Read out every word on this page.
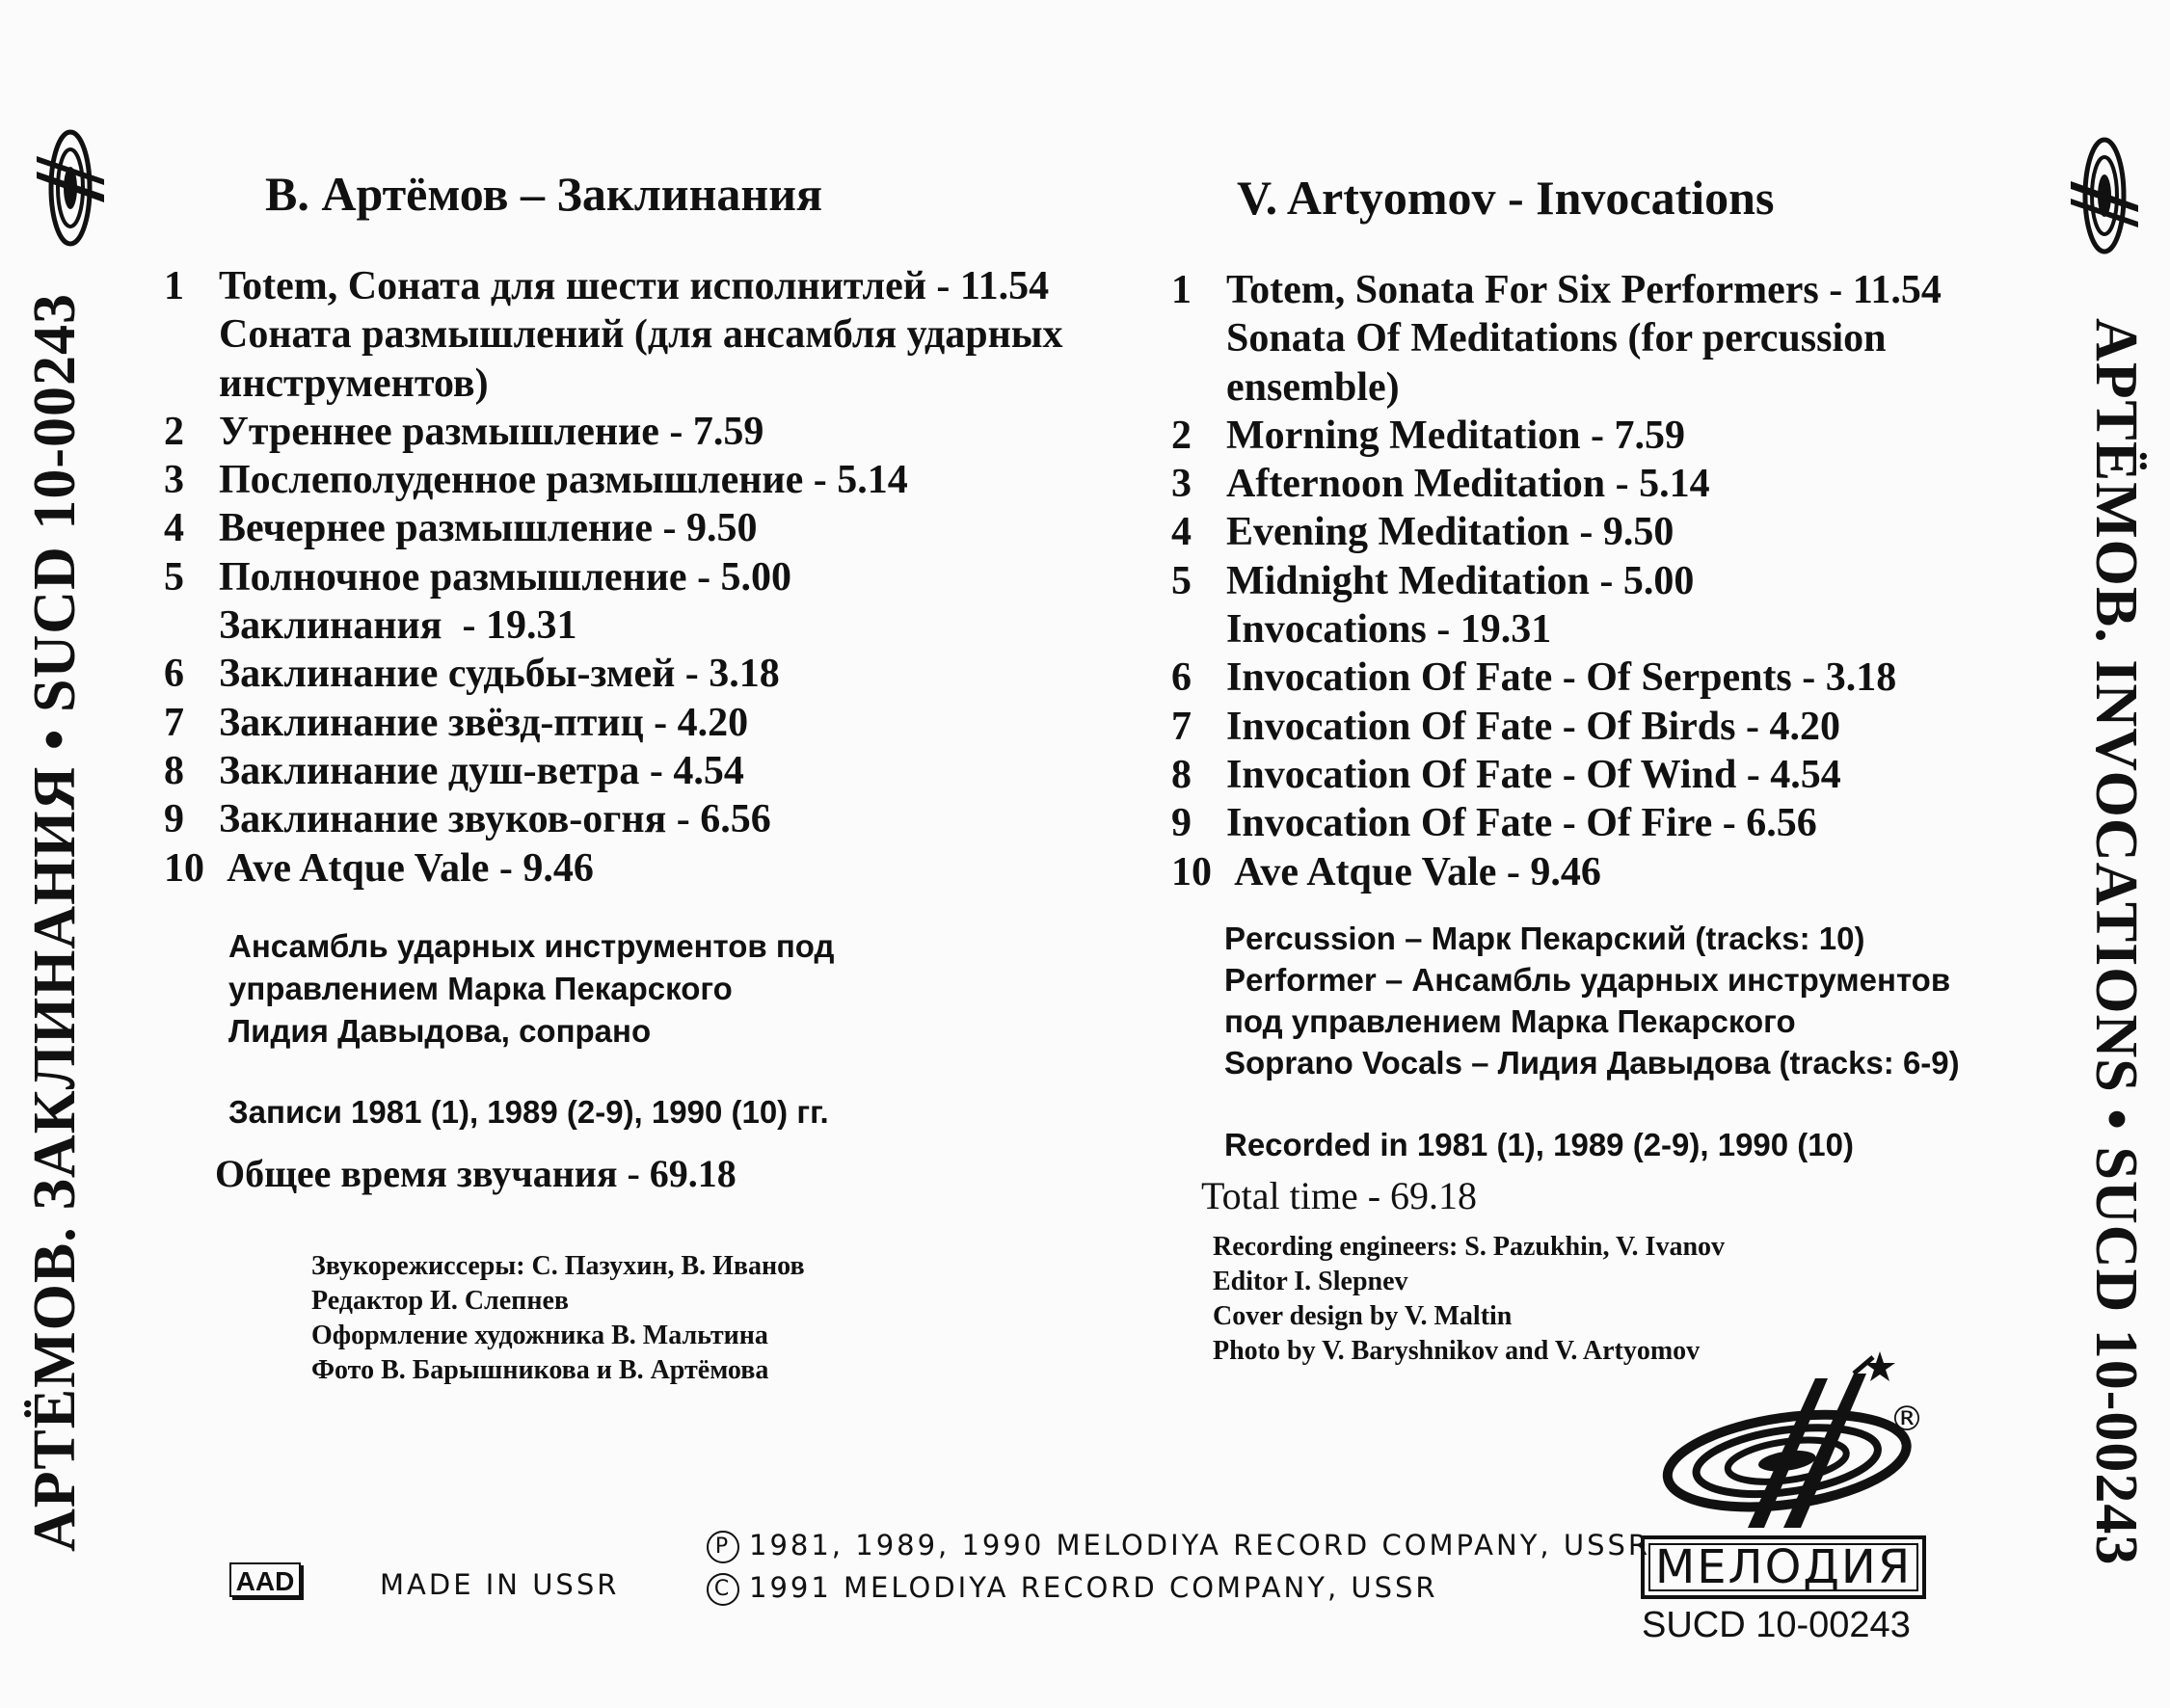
АРТЁМОВ. ЗАКЛИНАНИЯ • SUCD 10-00243	АРТЁМОВ. INVOCATIONS • SUCD 10-00243
В. Артёмов – Заклинания
1 Totem, Соната для шести исполнитлей - 11.54
Соната размышлений (для ансамбля ударных
инструментов)
2 Утреннее размышление - 7.59
3 Послеполуденное размышление - 5.14
4 Вечернее размышление - 9.50
5 Полночное размышление - 5.00
Заклинания  - 19.31
6 Заклинание судьбы-змей - 3.18
7 Заклинание звёзд-птиц - 4.20
8 Заклинание душ-ветра - 4.54
9 Заклинание звуков-огня - 6.56
10 Ave Atque Vale - 9.46
Ансамбль ударных инструментов под
управлением Марка Пекарского
Лидия Давыдова, сопрано
Записи 1981 (1), 1989 (2-9), 1990 (10) гг.
Общее время звучания - 69.18
Звукорежиссеры: С. Пазухин, В. Иванов
Редактор И. Слепнев
Оформление художника В. Мальтина
Фото В. Барышникова и В. Артёмова
V. Artyomov - Invocations
1 Totem, Sonata For Six Performers - 11.54
Sonata Of Meditations (for percussion
ensemble)
2 Morning Meditation - 7.59
3 Afternoon Meditation - 5.14
4 Evening Meditation - 9.50
5 Midnight Meditation - 5.00
Invocations - 19.31
6 Invocation Of Fate - Of Serpents - 3.18
7 Invocation Of Fate - Of Birds - 4.20
8 Invocation Of Fate - Of Wind - 4.54
9 Invocation Of Fate - Of Fire - 6.56
10 Ave Atque Vale - 9.46
Percussion – Марк Пекарский (tracks: 10)
Performer – Ансамбль ударных инструментов
под управлением Марка Пекарского
Soprano Vocals – Лидия Давыдова (tracks: 6-9)
Recorded in 1981 (1), 1989 (2-9), 1990 (10)
Total time - 69.18
Recording engineers: S. Pazukhin, V. Ivanov
Editor I. Slepnev
Cover design by V. Maltin
Photo by V. Baryshnikov and V. Artyomov
®
МЕЛОДИЯ
SUCD 10-00243
AAD	MADE IN USSR
P 1981, 1989, 1990 MELODIYA RECORD COMPANY, USSR
C 1991 MELODIYA RECORD COMPANY, USSR
